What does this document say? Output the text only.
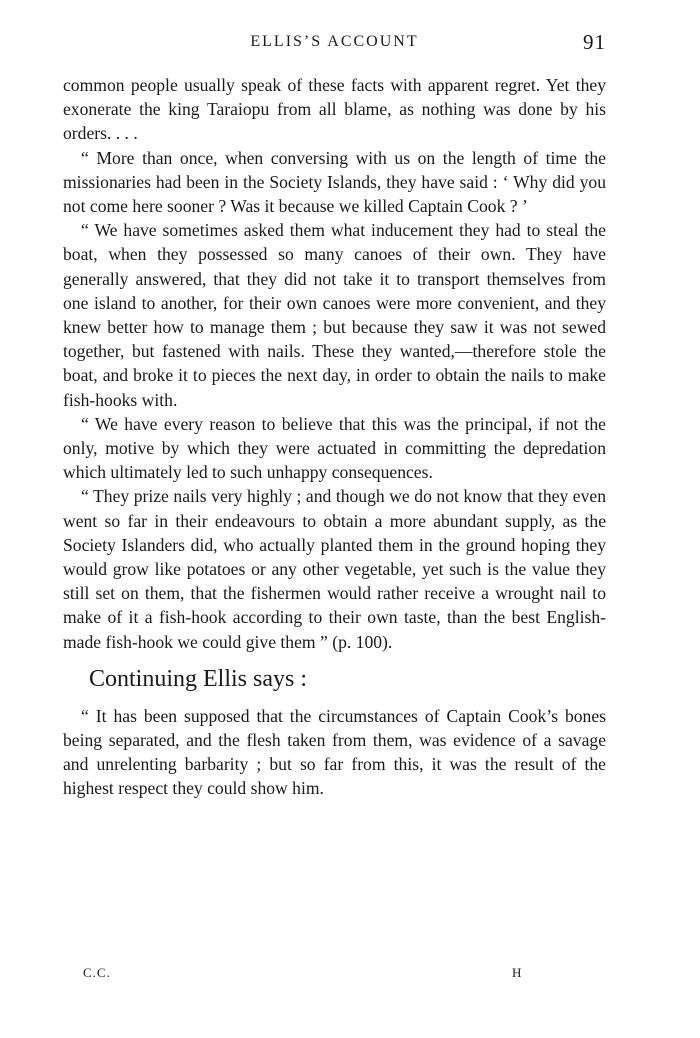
ELLIS’S ACCOUNT	91

common people usually speak of these facts with apparent regret. Yet they exonerate the king Taraiopu from all blame, as nothing was done by his orders. . . .

“ More than once, when conversing with us on the length of time the missionaries had been in the Society Islands, they have said : ‘ Why did you not come here sooner ? Was it because we killed Captain Cook ? ’

“ We have sometimes asked them what inducement they had to steal the boat, when they possessed so many canoes of their own. They have generally answered, that they did not take it to transport themselves from one island to another, for their own canoes were more convenient, and they knew better how to manage them ; but because they saw it was not sewed together, but fastened with nails. These they wanted,—therefore stole the boat, and broke it to pieces the next day, in order to obtain the nails to make fish-hooks with.

“ We have every reason to believe that this was the principal, if not the only, motive by which they were actuated in committing the depredation which ultimately led to such unhappy consequences.

“ They prize nails very highly ; and though we do not know that they even went so far in their endeavours to obtain a more abundant supply, as the Society Islanders did, who actually planted them in the ground hoping they would grow like potatoes or any other vegetable, yet such is the value they still set on them, that the fishermen would rather receive a wrought nail to make of it a fish-hook according to their own taste, than the best English-made fish-hook we could give them ” (p. 100).

Continuing Ellis says :

“ It has been supposed that the circumstances of Captain Cook’s bones being separated, and the flesh taken from them, was evidence of a savage and unrelenting barbarity ; but so far from this, it was the result of the highest respect they could show him.

C.C.	H
